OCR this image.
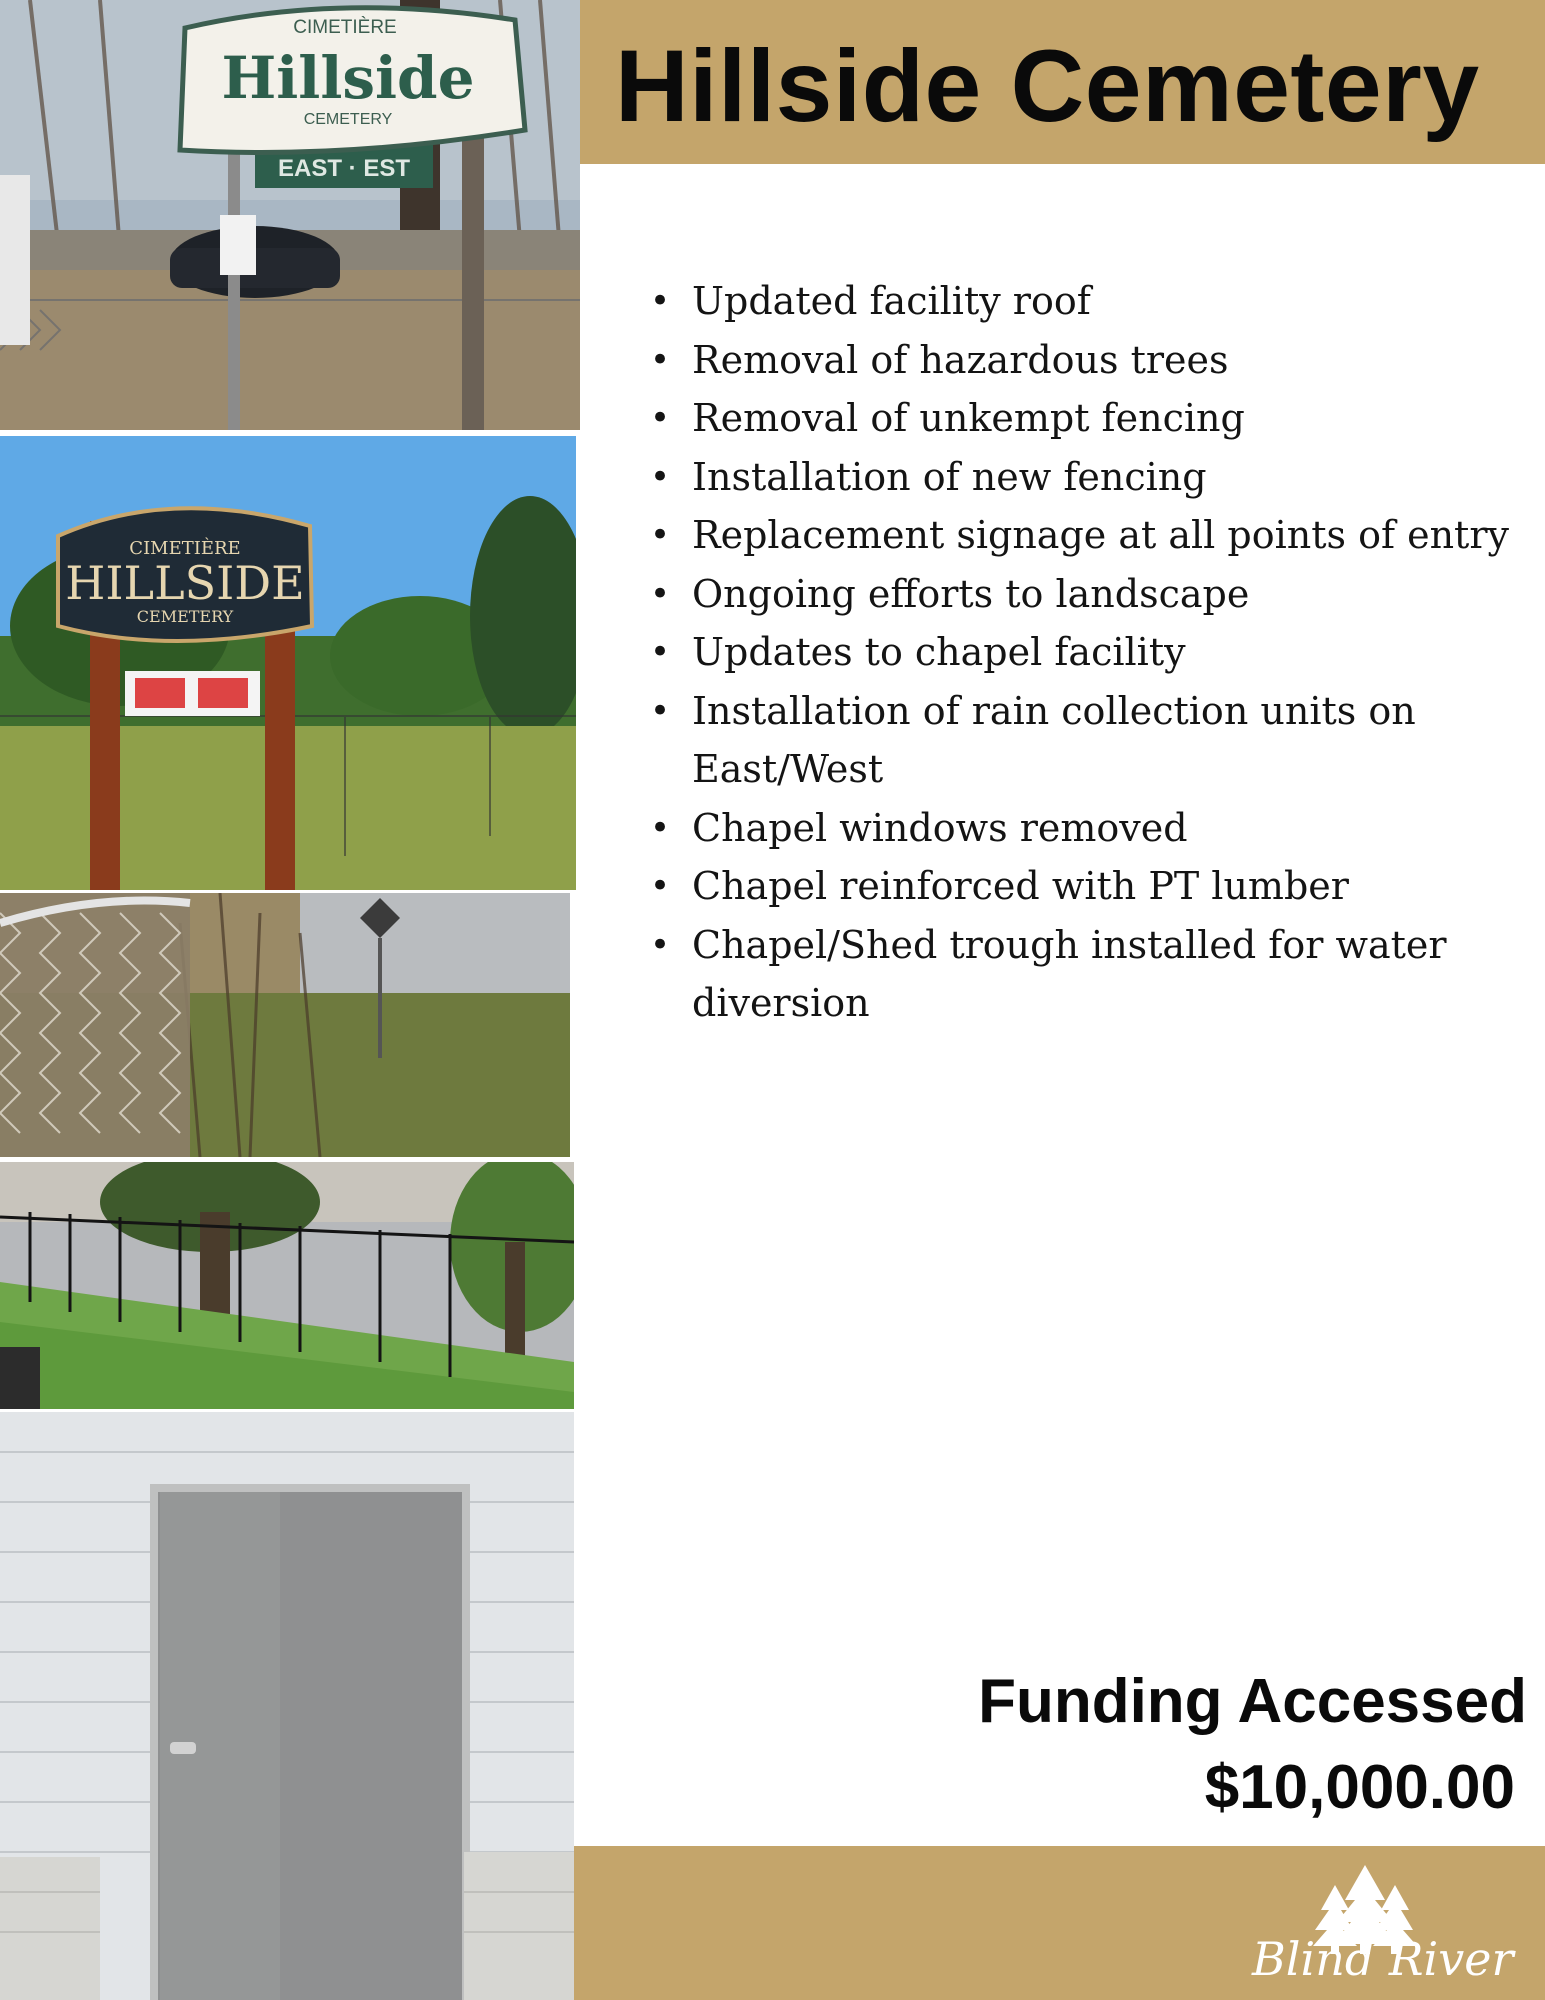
EAST · EST
CIMETIÈRE
Hillside
CEMETERY
CIMETIÈRE
HILLSIDE
CEMETERY
Hillside Cemetery
• Updated facility roof
• Removal of hazardous trees
• Removal of unkempt fencing
• Installation of new fencing
• Replacement signage at all points of entry
• Ongoing efforts to landscape
• Updates to chapel facility
• Installation of rain collection units on East/West
• Chapel windows removed
• Chapel reinforced with PT lumber
• Chapel/Shed trough installed for water diversion
Funding Accessed
$10,000.00
Blind River
